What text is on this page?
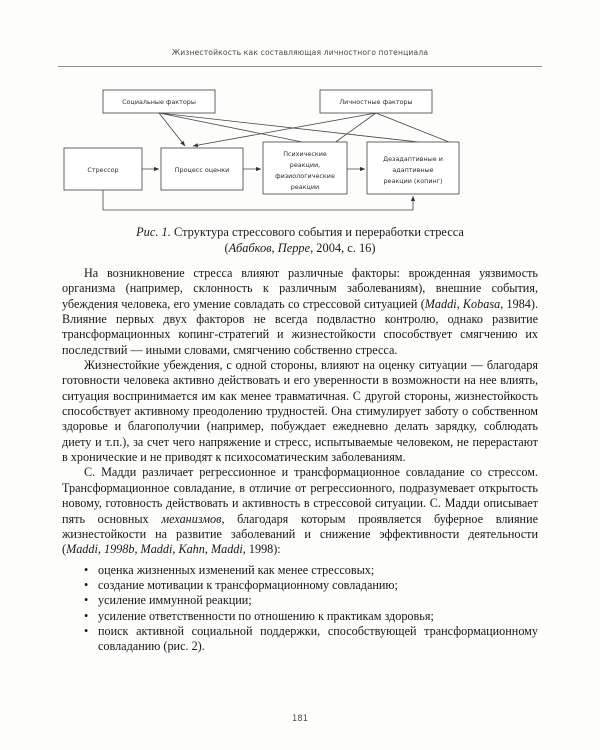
Жизнестойкость как составляющая личностного потенциала
Социальные факторы	Личностные факторы
Стрессор	Процесс оценки
Психические
реакции,
физиологические
реакции
Дезадаптивные и
адаптивные
реакции (копинг)
Рис. 1. Структура стрессового события и переработки стресса
(Абабков, Перре, 2004, с. 16)

На возникновение стресса влияют различные факторы: врожденная уязвимость организма (например, склонность к различным заболеваниям), внешние события, убеждения человека, его умение совладать со стрессовой ситуацией (Maddi, Kobasa, 1984). Влияние первых двух факторов не всегда подвластно контролю, однако развитие трансформационных копинг-стратегий и жизнестойкости способствует смягчению их последствий — иными словами, смягчению собственно стресса.

Жизнестойкие убеждения, с одной стороны, влияют на оценку ситуации — благодаря готовности человека активно действовать и его уверенности в возможности на нее влиять, ситуация воспринимается им как менее травматичная. С другой стороны, жизнестойкость способствует активному преодолению трудностей. Она стимулирует заботу о собственном здоровье и благополучии (например, побуждает ежедневно делать зарядку, соблюдать диету и т.п.), за счет чего напряжение и стресс, испытываемые человеком, не перерастают в хронические и не приводят к психосоматическим заболеваниям.

С. Мадди различает регрессионное и трансформационное совладание со стрессом. Трансформационное совладание, в отличие от регрессионного, подразумевает открытость новому, готовность действовать и активность в стрессовой ситуации. С. Мадди описывает пять основных механизмов, благодаря которым проявляется буферное влияние жизнестойкости на развитие заболеваний и снижение эффективности деятельности (Maddi, 1998b, Maddi, Kahn, Maddi, 1998):

• оценка жизненных изменений как менее стрессовых;
• создание мотивации к трансформационному совладанию;
• усиление иммунной реакции;
• усиление ответственности по отношению к практикам здоровья;
• поиск активной социальной поддержки, способствующей трансформационному совладанию (рис. 2).
181
